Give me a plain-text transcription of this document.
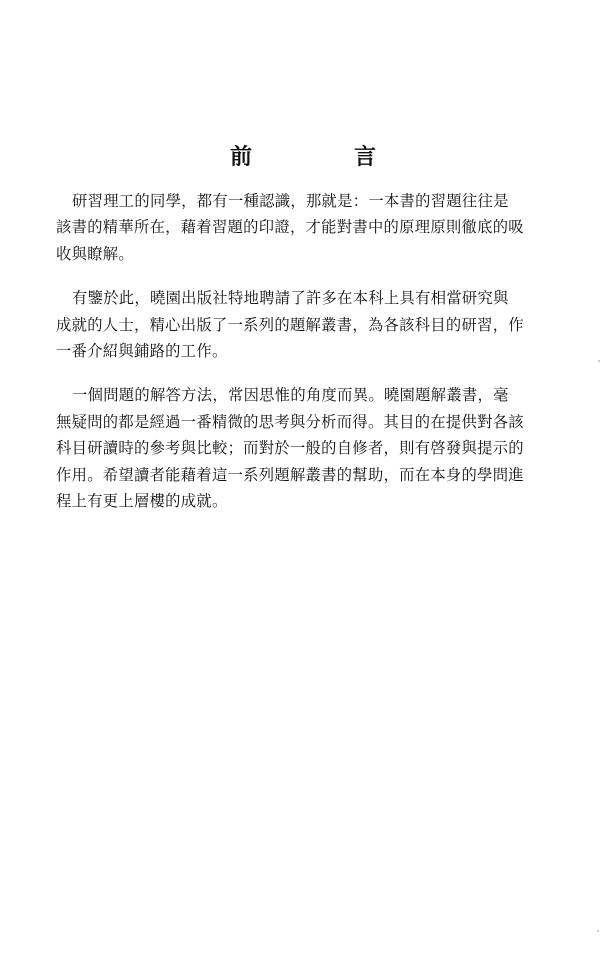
前　言

研習理工的同學，都有一種認識，那就是：一本書的習題往往是
該書的精華所在，藉着習題的印證，才能對書中的原理原則徹底的吸
收與瞭解。

有鑒於此，曉園出版社特地聘請了許多在本科上具有相當研究與
成就的人士，精心出版了一系列的題解叢書，為各該科目的研習，作
一番介紹與鋪路的工作。

一個問題的解答方法，常因思惟的角度而異。曉園題解叢書，毫
無疑問的都是經過一番精微的思考與分析而得。其目的在提供對各該
科目研讀時的參考與比較；而對於一般的自修者，則有啓發與提示的
作用。希望讀者能藉着這一系列題解叢書的幫助，而在本身的學問進
程上有更上層樓的成就。
